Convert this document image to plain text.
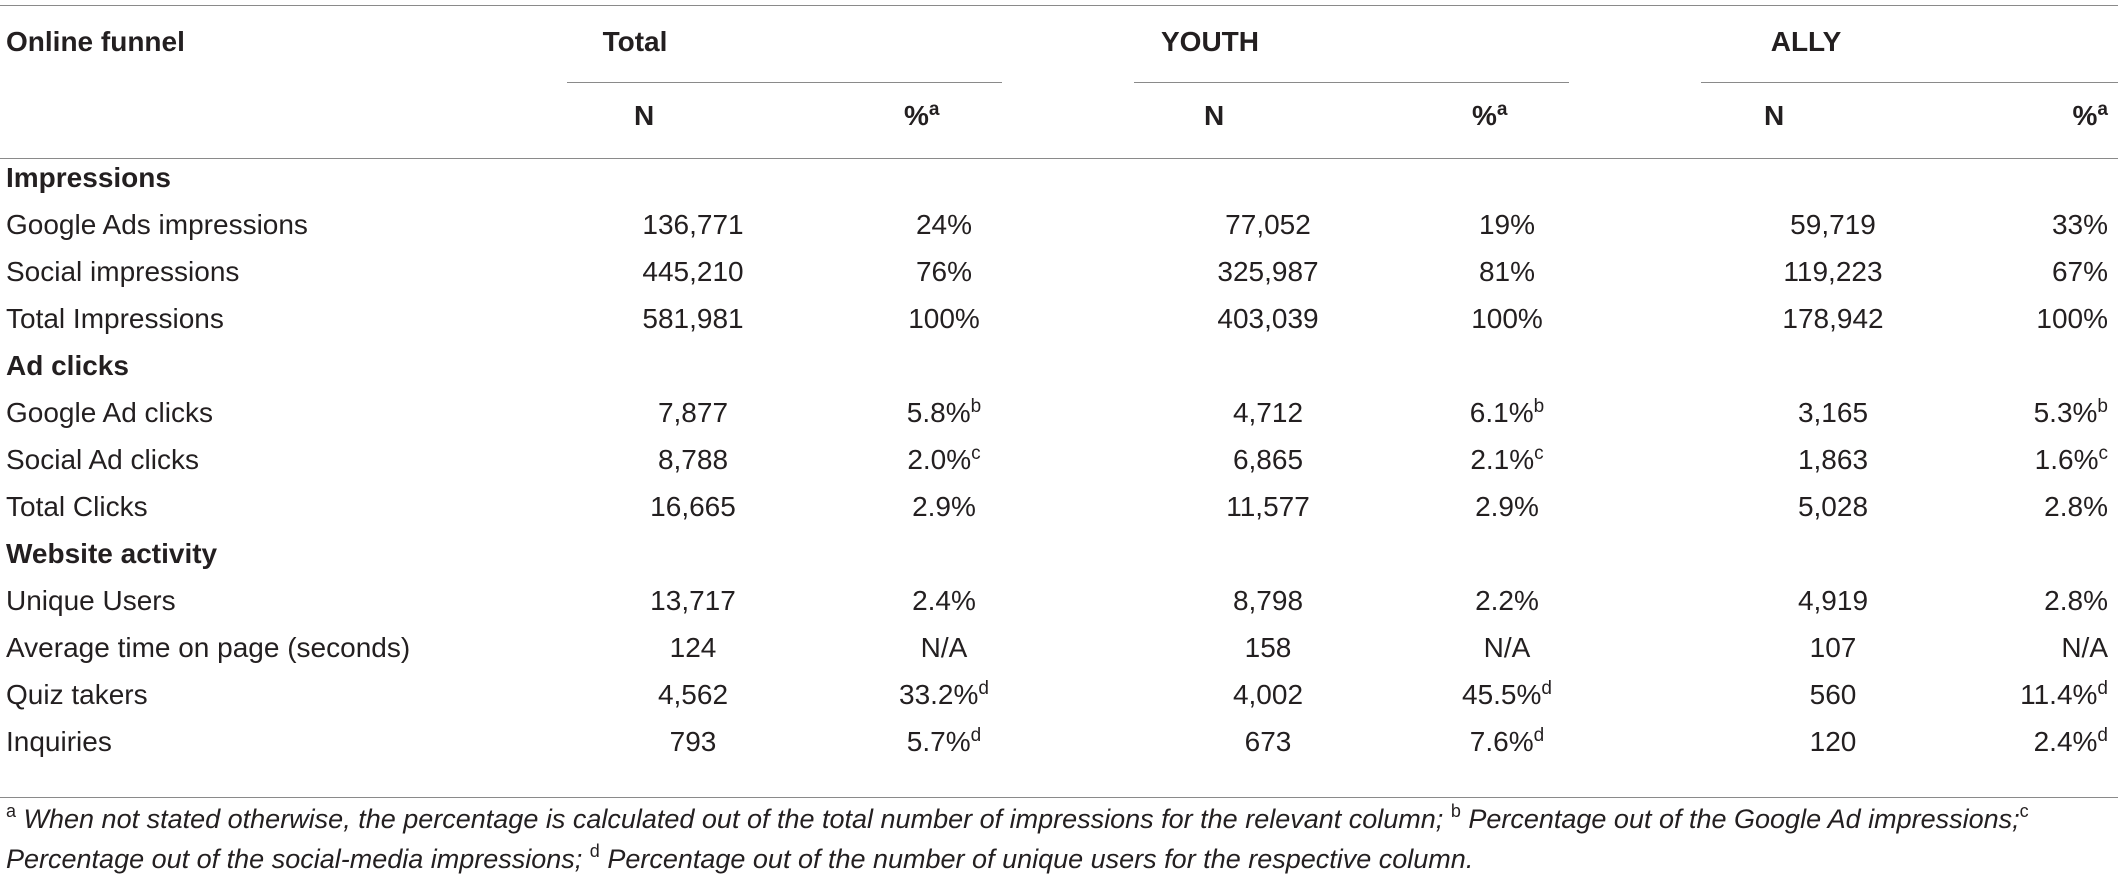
Online funnel	Total		YOUTH		ALLY	

	N	%$^a$	N	%$^a$	N	%$^a$
Impressions						
Google Ads impressions	136,771	24%	77,052	19%	59,719	33%
Social impressions	445,210	76%	325,987	81%	119,223	67%
Total Impressions	581,981	100%	403,039	100%	178,942	100%
Ad clicks						
Google Ad clicks	7,877	5.8%$^b$	4,712	6.1%$^b$	3,165	5.3%$^b$
Social Ad clicks	8,788	2.0%$^c$	6,865	2.1%$^c$	1,863	1.6%$^c$
Total Clicks	16,665	2.9%	11,577	2.9%	5,028	2.8%
Website activity						
Unique Users	13,717	2.4%	8,798	2.2%	4,919	2.8%
Average time on page (seconds)	124	N/A	158	N/A	107	N/A
Quiz takers	4,562	33.2%$^d$	4,002	45.5%$^d$	560	11.4%$^d$
Inquiries	793	5.7%$^d$	673	7.6%$^d$	120	2.4%$^d$
$^a$ When not stated otherwise, the percentage is calculated out of the total number of impressions for the relevant column; $^b$ Percentage out of the Google Ad impressions;$^c$ Percentage out of the social-media impressions; $^d$ Percentage out of the number of unique users for the respective column.
